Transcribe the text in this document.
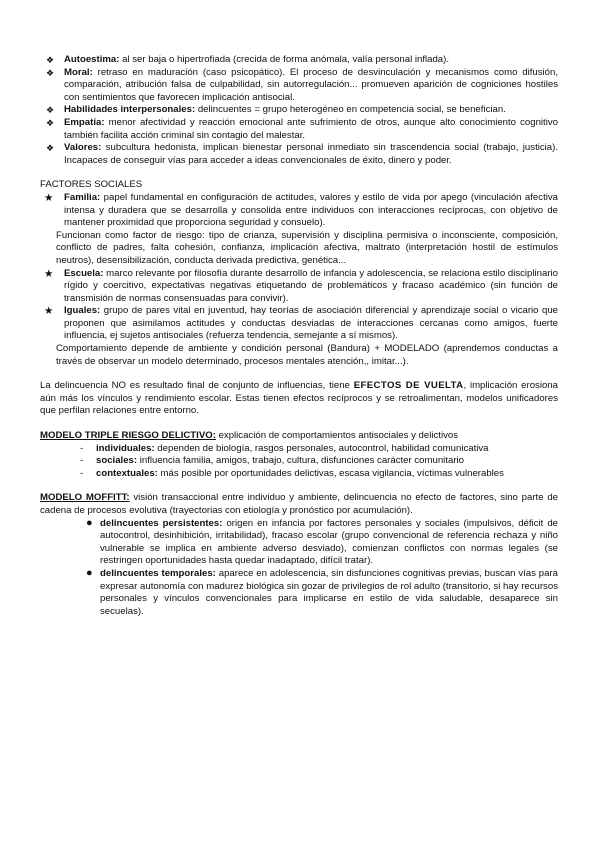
❖ Autoestima: al ser baja o hipertrofiada (crecida de forma anómala, valía personal inflada).
❖ Moral: retraso en maduración (caso psicopático). El proceso de desvinculación y mecanismos como difusión, comparación, atribución falsa de culpabilidad, sin autorregulación... promueven aparición de cogniciones hostiles con sentimientos que favorecen implicación antisocial.
❖ Habilidades interpersonales: delincuentes = grupo heterogéneo en competencia social, se benefician.
❖ Empatía: menor afectividad y reacción emocional ante sufrimiento de otros, aunque alto conocimiento cognitivo también facilita acción criminal sin contagio del malestar.
❖ Valores: subcultura hedonista, implican bienestar personal inmediato sin trascendencia social (trabajo, justicia). Incapaces de conseguir vías para acceder a ideas convencionales de éxito, dinero y poder.
FACTORES SOCIALES
★ Familia: papel fundamental en configuración de actitudes, valores y estilo de vida por apego (vinculación afectiva intensa y duradera que se desarrolla y consolida entre individuos con interacciones recíprocas, con objetivo de mantener proximidad que proporciona seguridad y consuelo).
Funcionan como factor de riesgo: tipo de crianza, supervisión y disciplina permisiva o inconsciente, composición, conflicto de padres, falta cohesión, confianza, implicación afectiva, maltrato (interpretación hostil de estímulos neutros), desensibilización, conducta derivada predictiva, genética...
★ Escuela: marco relevante por filosofía durante desarrollo de infancia y adolescencia, se relaciona estilo disciplinario rígido y coercitivo, expectativas negativas etiquetando de problemáticos y fracaso académico (sin función de transmisión de normas consensuadas para convivir).
★ Iguales: grupo de pares vital en juventud, hay teorías de asociación diferencial y aprendizaje social o vicario que proponen que asimilamos actitudes y conductas desviadas de interacciones cercanas como amigos, fuerte influencia, ej sujetos antisociales (refuerza tendencia, semejante a sí mismos).
Comportamiento depende de ambiente y condición personal (Bandura) + MODELADO (aprendemos conductas a través de observar un modelo determinado, procesos mentales atención,, imitar...).
La delincuencia NO es resultado final de conjunto de influencias, tiene EFECTOS DE VUELTA, implicación erosiona aún más los vínculos y rendimiento escolar. Estas tienen efectos recíprocos y se retroalimentan, modelos unificadores que perfilan relaciones entre entorno.
MODELO TRIPLE RIESGO DELICTIVO: explicación de comportamientos antisociales y delictivos
- individuales: dependen de biología, rasgos personales, autocontrol, habilidad comunicativa
- sociales: influencia familia, amigos, trabajo, cultura, disfunciones carácter comunitario
- contextuales: más posible por oportunidades delictivas, escasa vigilancia, víctimas vulnerables
MODELO MOFFITT: visión transaccional entre individuo y ambiente, delincuencia no efecto de factores, sino parte de cadena de procesos evolutiva (trayectorias con etiología y pronóstico por acumulación).
● delincuentes persistentes: origen en infancia por factores personales y sociales (impulsivos, déficit de autocontrol, desinhibición, irritabilidad), fracaso escolar (grupo convencional de referencia rechaza y niño vulnerable se implica en ambiente adverso desviado), comienzan conflictos con normas legales (se restringen oportunidades hasta quedar inadaptado, difícil tratar).
● delincuentes temporales: aparece en adolescencia, sin disfunciones cognitivas previas, buscan vías para expresar autonomía con madurez biológica sin gozar de privilegios de rol adulto (transitorio, si hay recursos personales y vínculos convencionales para implicarse en estilo de vida saludable, desaparece sin secuelas).
